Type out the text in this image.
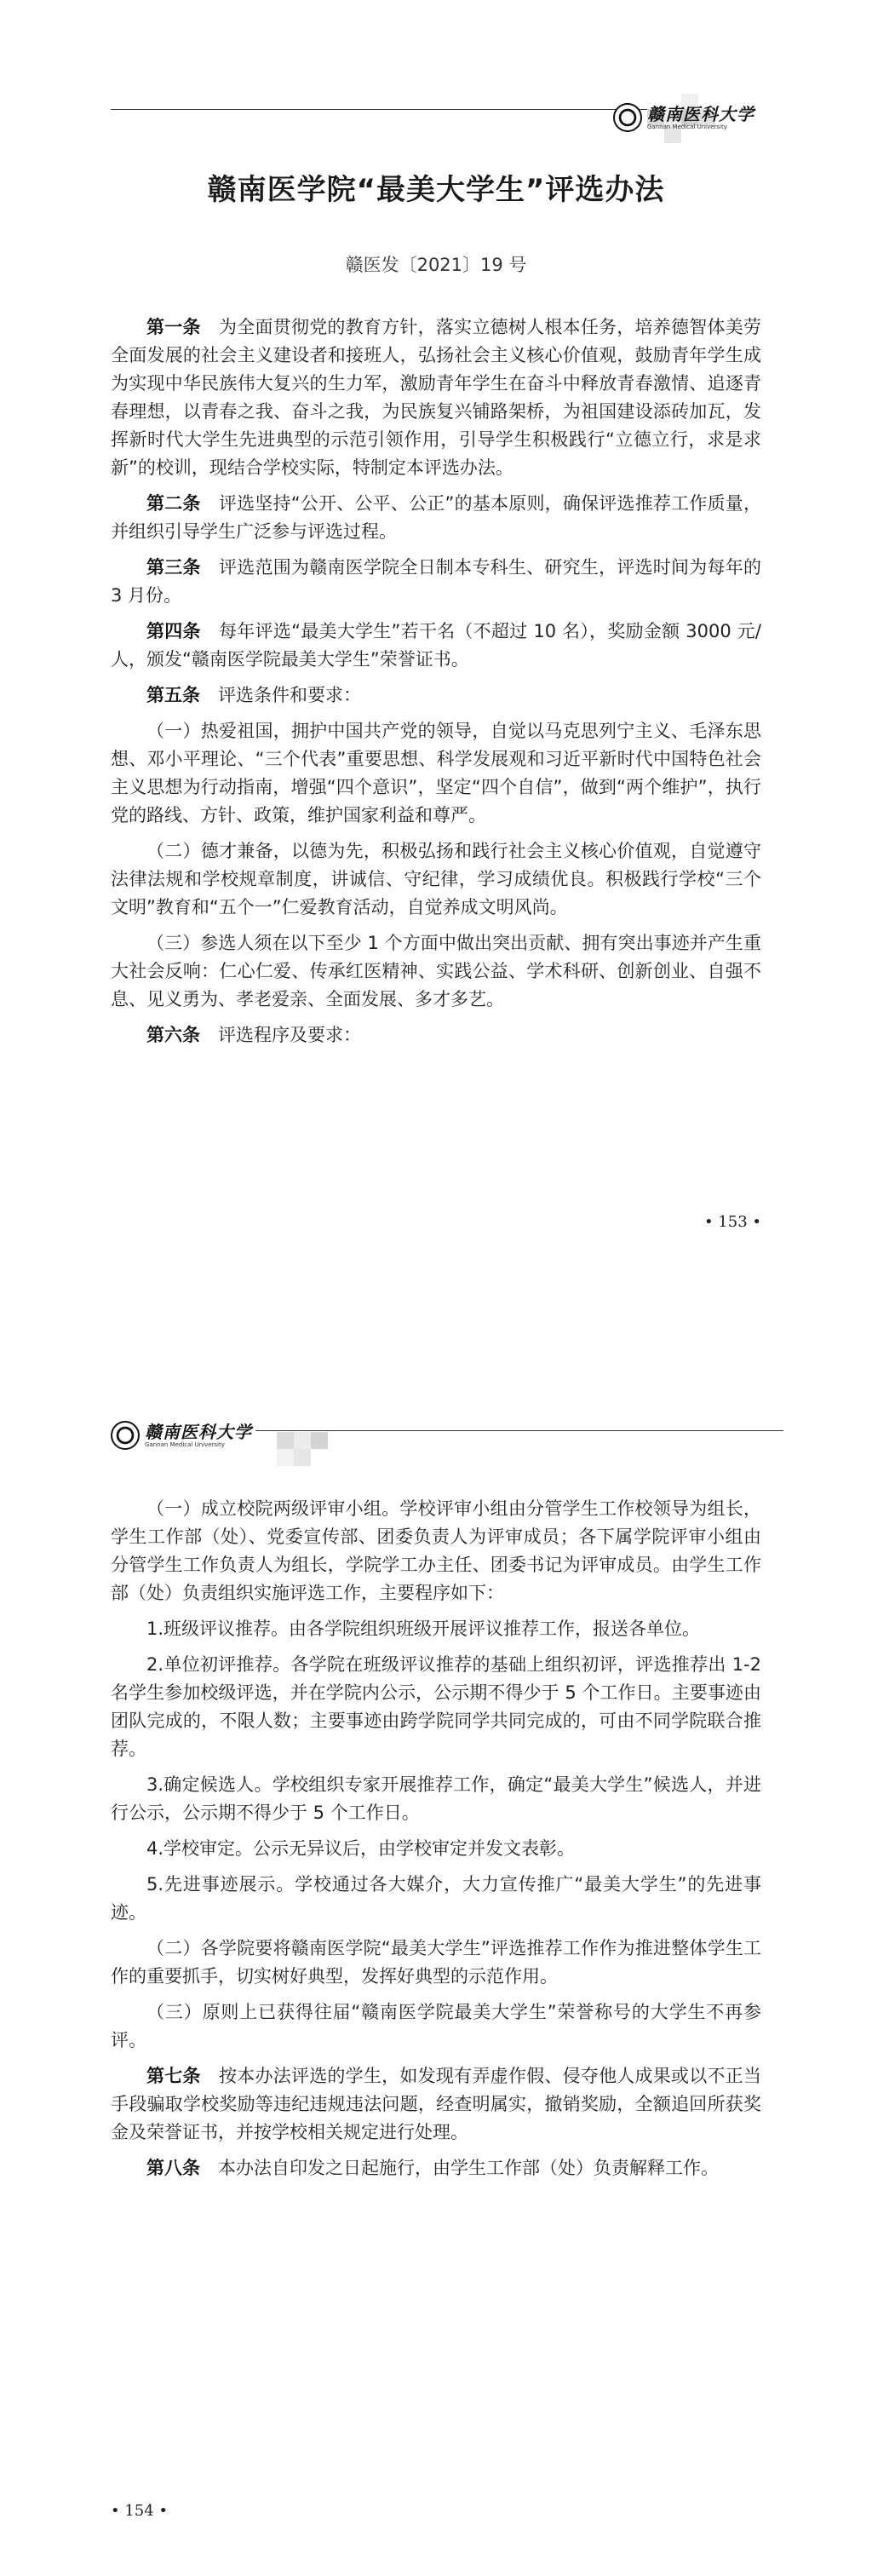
赣南医科大学
Gannan Medical University
赣南医学院“最美大学生”评选办法
赣医发〔2021〕19 号

第一条　为全面贯彻党的教育方针，落实立德树人根本任务，培养德智体美劳全面发展的社会主义建设者和接班人，弘扬社会主义核心价值观，鼓励青年学生成为实现中华民族伟大复兴的生力军，激励青年学生在奋斗中释放青春激情、追逐青春理想，以青春之我、奋斗之我，为民族复兴铺路架桥，为祖国建设添砖加瓦，发挥新时代大学生先进典型的示范引领作用，引导学生积极践行“立德立行，求是求新”的校训，现结合学校实际，特制定本评选办法。

第二条　评选坚持“公开、公平、公正”的基本原则，确保评选推荐工作质量，并组织引导学生广泛参与评选过程。

第三条　评选范围为赣南医学院全日制本专科生、研究生，评选时间为每年的 3 月份。

第四条　每年评选“最美大学生”若干名（不超过 10 名），奖励金额 3000 元/人，颁发“赣南医学院最美大学生”荣誉证书。

第五条　评选条件和要求：

（一）热爱祖国，拥护中国共产党的领导，自觉以马克思列宁主义、毛泽东思想、邓小平理论、“三个代表”重要思想、科学发展观和习近平新时代中国特色社会主义思想为行动指南，增强“四个意识”，坚定“四个自信”，做到“两个维护”，执行党的路线、方针、政策，维护国家利益和尊严。

（二）德才兼备，以德为先，积极弘扬和践行社会主义核心价值观，自觉遵守法律法规和学校规章制度，讲诚信、守纪律，学习成绩优良。积极践行学校“三个文明”教育和“五个一”仁爱教育活动，自觉养成文明风尚。

（三）参选人须在以下至少 1 个方面中做出突出贡献、拥有突出事迹并产生重大社会反响：仁心仁爱、传承红医精神、实践公益、学术科研、创新创业、自强不息、见义勇为、孝老爱亲、全面发展、多才多艺。

第六条　评选程序及要求：

• 153 •
赣南医科大学
Gannan Medical University

（一）成立校院两级评审小组。学校评审小组由分管学生工作校领导为组长，学生工作部（处）、党委宣传部、团委负责人为评审成员；各下属学院评审小组由分管学生工作负责人为组长，学院学工办主任、团委书记为评审成员。由学生工作部（处）负责组织实施评选工作，主要程序如下：

1.班级评议推荐。由各学院组织班级开展评议推荐工作，报送各单位。

2.单位初评推荐。各学院在班级评议推荐的基础上组织初评，评选推荐出 1-2 名学生参加校级评选，并在学院内公示，公示期不得少于 5 个工作日。主要事迹由团队完成的，不限人数；主要事迹由跨学院同学共同完成的，可由不同学院联合推荐。

3.确定候选人。学校组织专家开展推荐工作，确定“最美大学生”候选人，并进行公示，公示期不得少于 5 个工作日。

4.学校审定。公示无异议后，由学校审定并发文表彰。

5.先进事迹展示。学校通过各大媒介，大力宣传推广“最美大学生”的先进事迹。

（二）各学院要将赣南医学院“最美大学生”评选推荐工作作为推进整体学生工作的重要抓手，切实树好典型，发挥好典型的示范作用。

（三）原则上已获得往届“赣南医学院最美大学生”荣誉称号的大学生不再参评。

第七条　按本办法评选的学生，如发现有弄虚作假、侵夺他人成果或以不正当手段骗取学校奖励等违纪违规违法问题，经查明属实，撤销奖励，全额追回所获奖金及荣誉证书，并按学校相关规定进行处理。

第八条　本办法自印发之日起施行，由学生工作部（处）负责解释工作。

• 154 •
